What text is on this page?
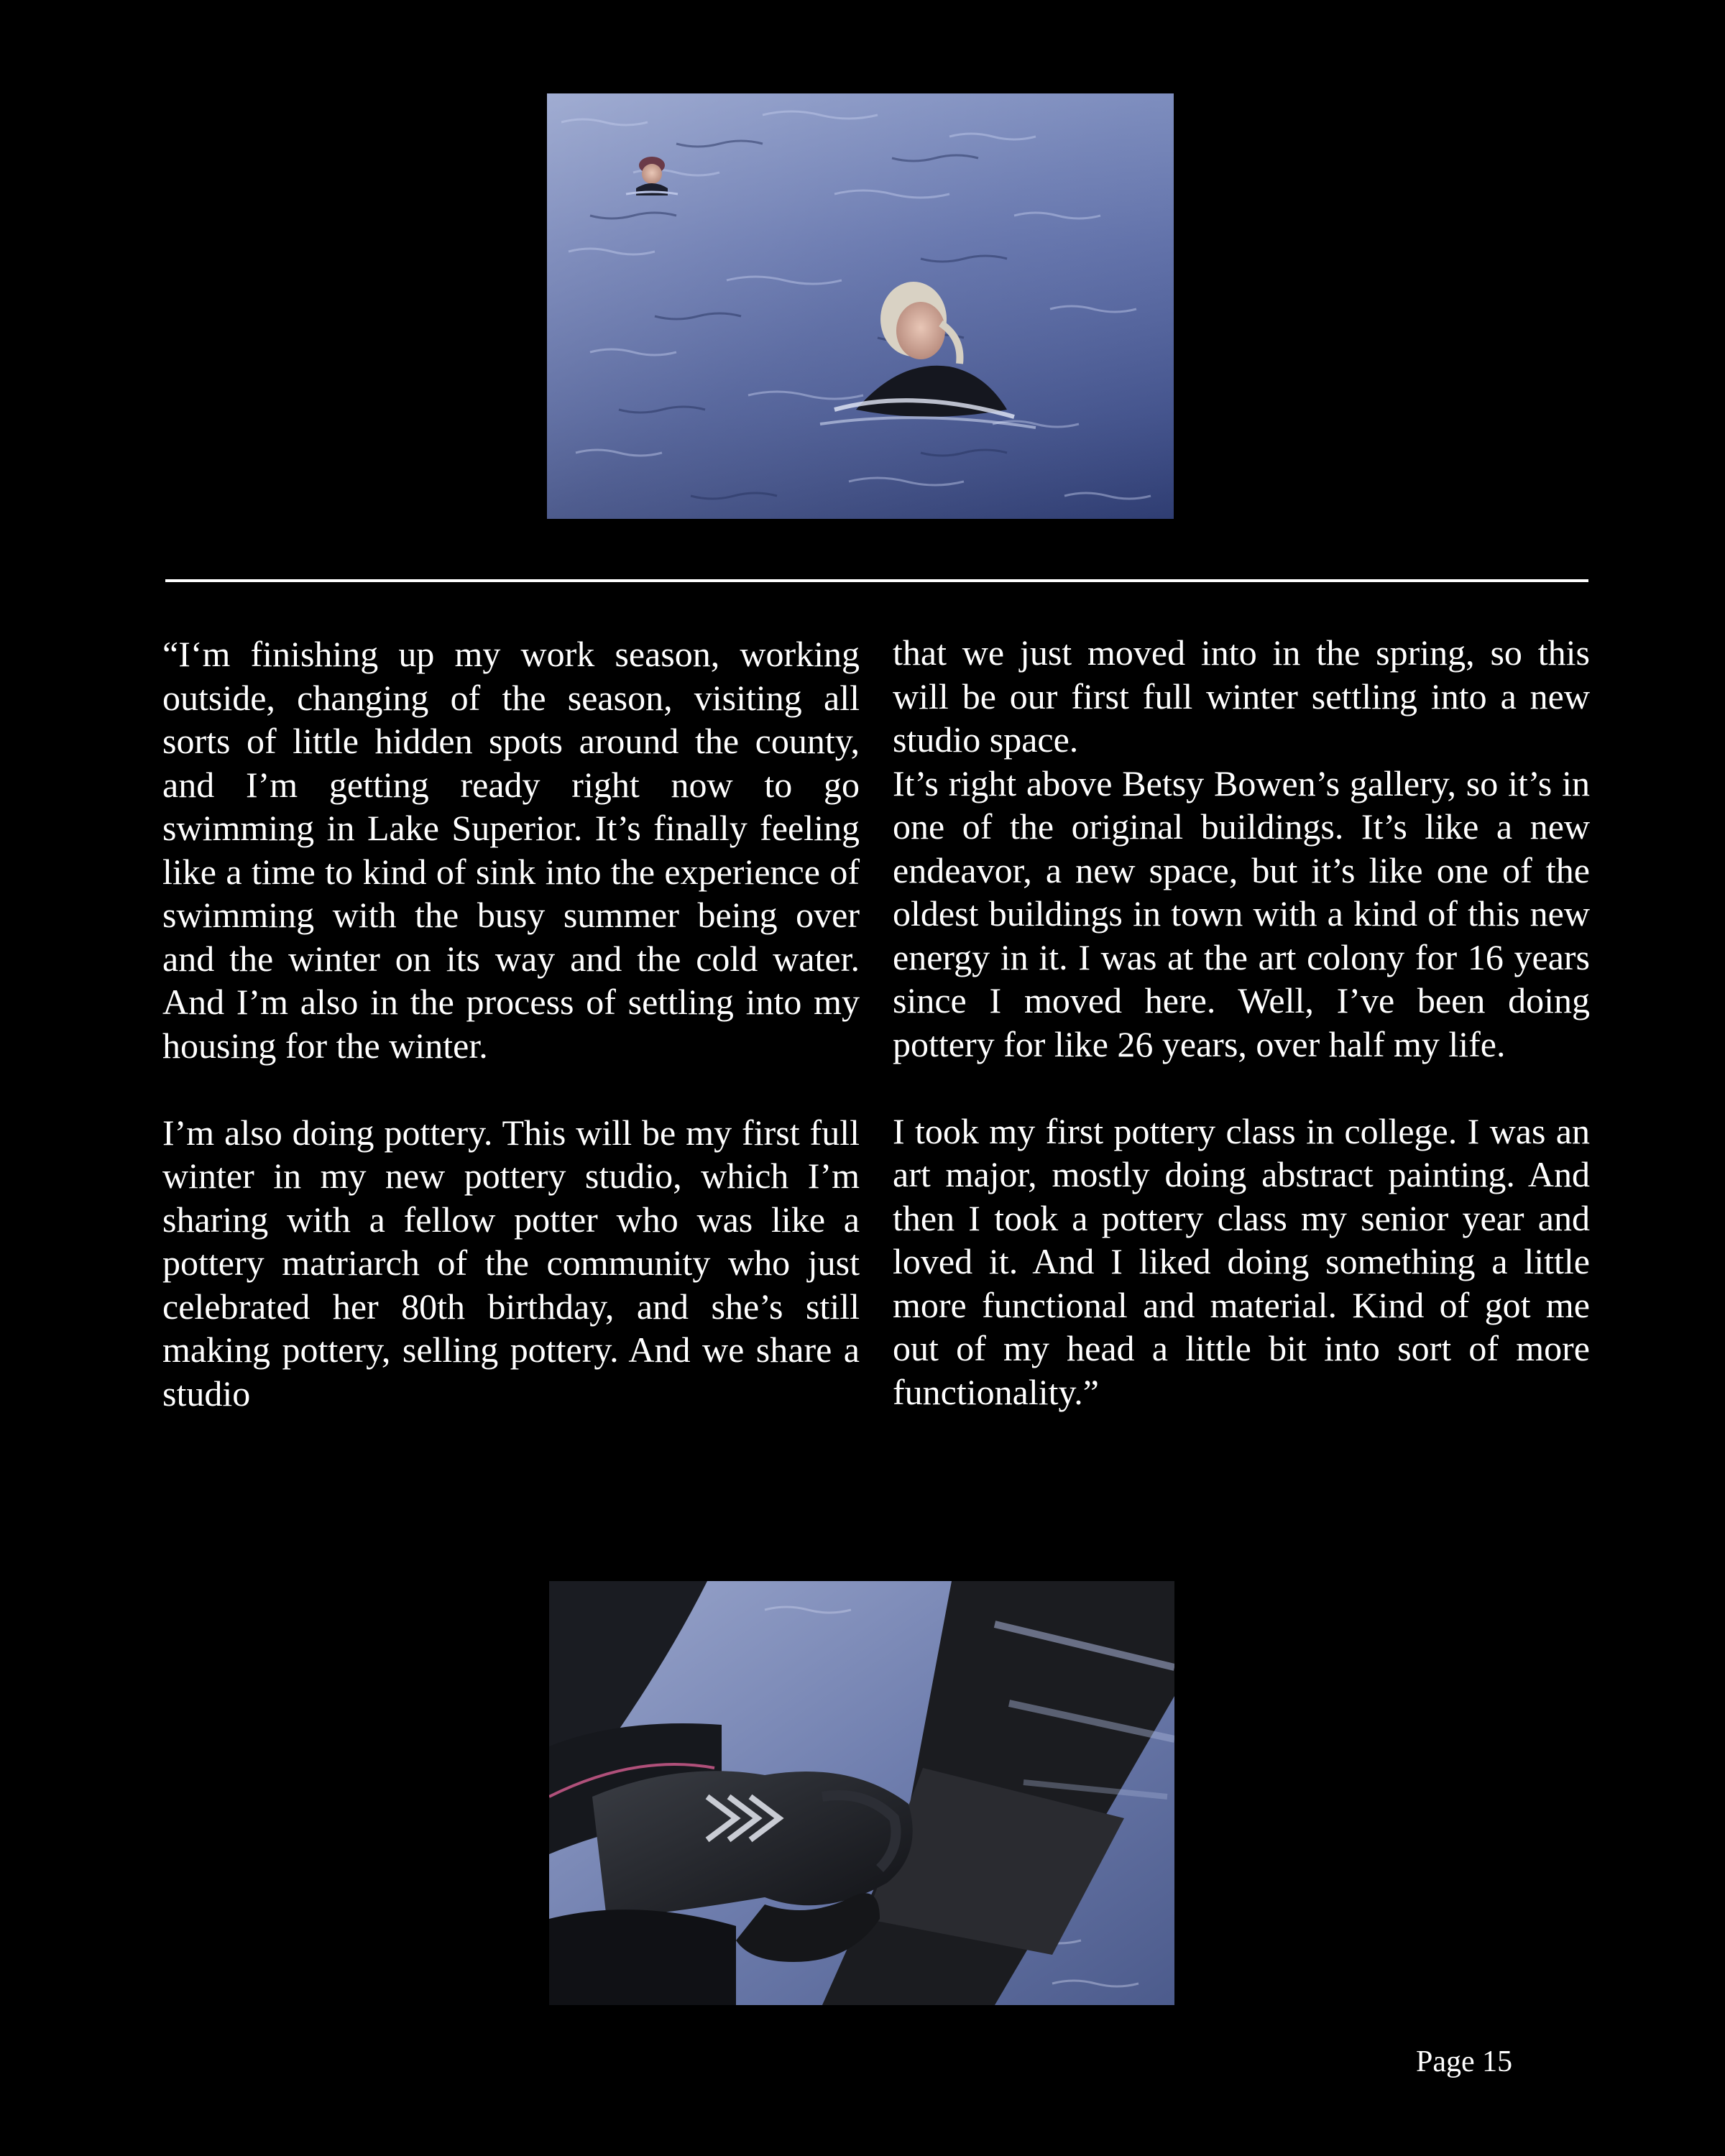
“I‘m finishing up my work season, working outside, changing of the season, visiting all sorts of little hidden spots around the county, and I’m getting ready right now to go swimming in Lake Superior. It’s finally feeling like a time to kind of sink into the experience of swimming with the busy summer being over and the winter on its way and the cold water. And I’m also in the process of settling into my housing for the winter.

I’m also doing pottery. This will be my first full winter in my new pottery studio, which I’m sharing with a fellow potter who was like a pottery matriarch of the community who just celebrated her 80th birthday, and she’s still making pottery, selling pottery. And we share a studio

that we just moved into in the spring, so this will be our first full winter settling into a new studio space.

It’s right above Betsy Bowen’s gallery, so it’s in one of the original buildings. It’s like a new endeavor, a new space, but it’s like one of the oldest buildings in town with a kind of this new energy in it. I was at the art colony for 16 years since I moved here. Well, I’ve been doing pottery for like 26 years, over half my life.

I took my first pottery class in college. I was an art major, mostly doing abstract painting. And then I took a pottery class my senior year and loved it. And I liked doing something a little more functional and material. Kind of got me out of my head a little bit into sort of more functionality.”

Page 15
